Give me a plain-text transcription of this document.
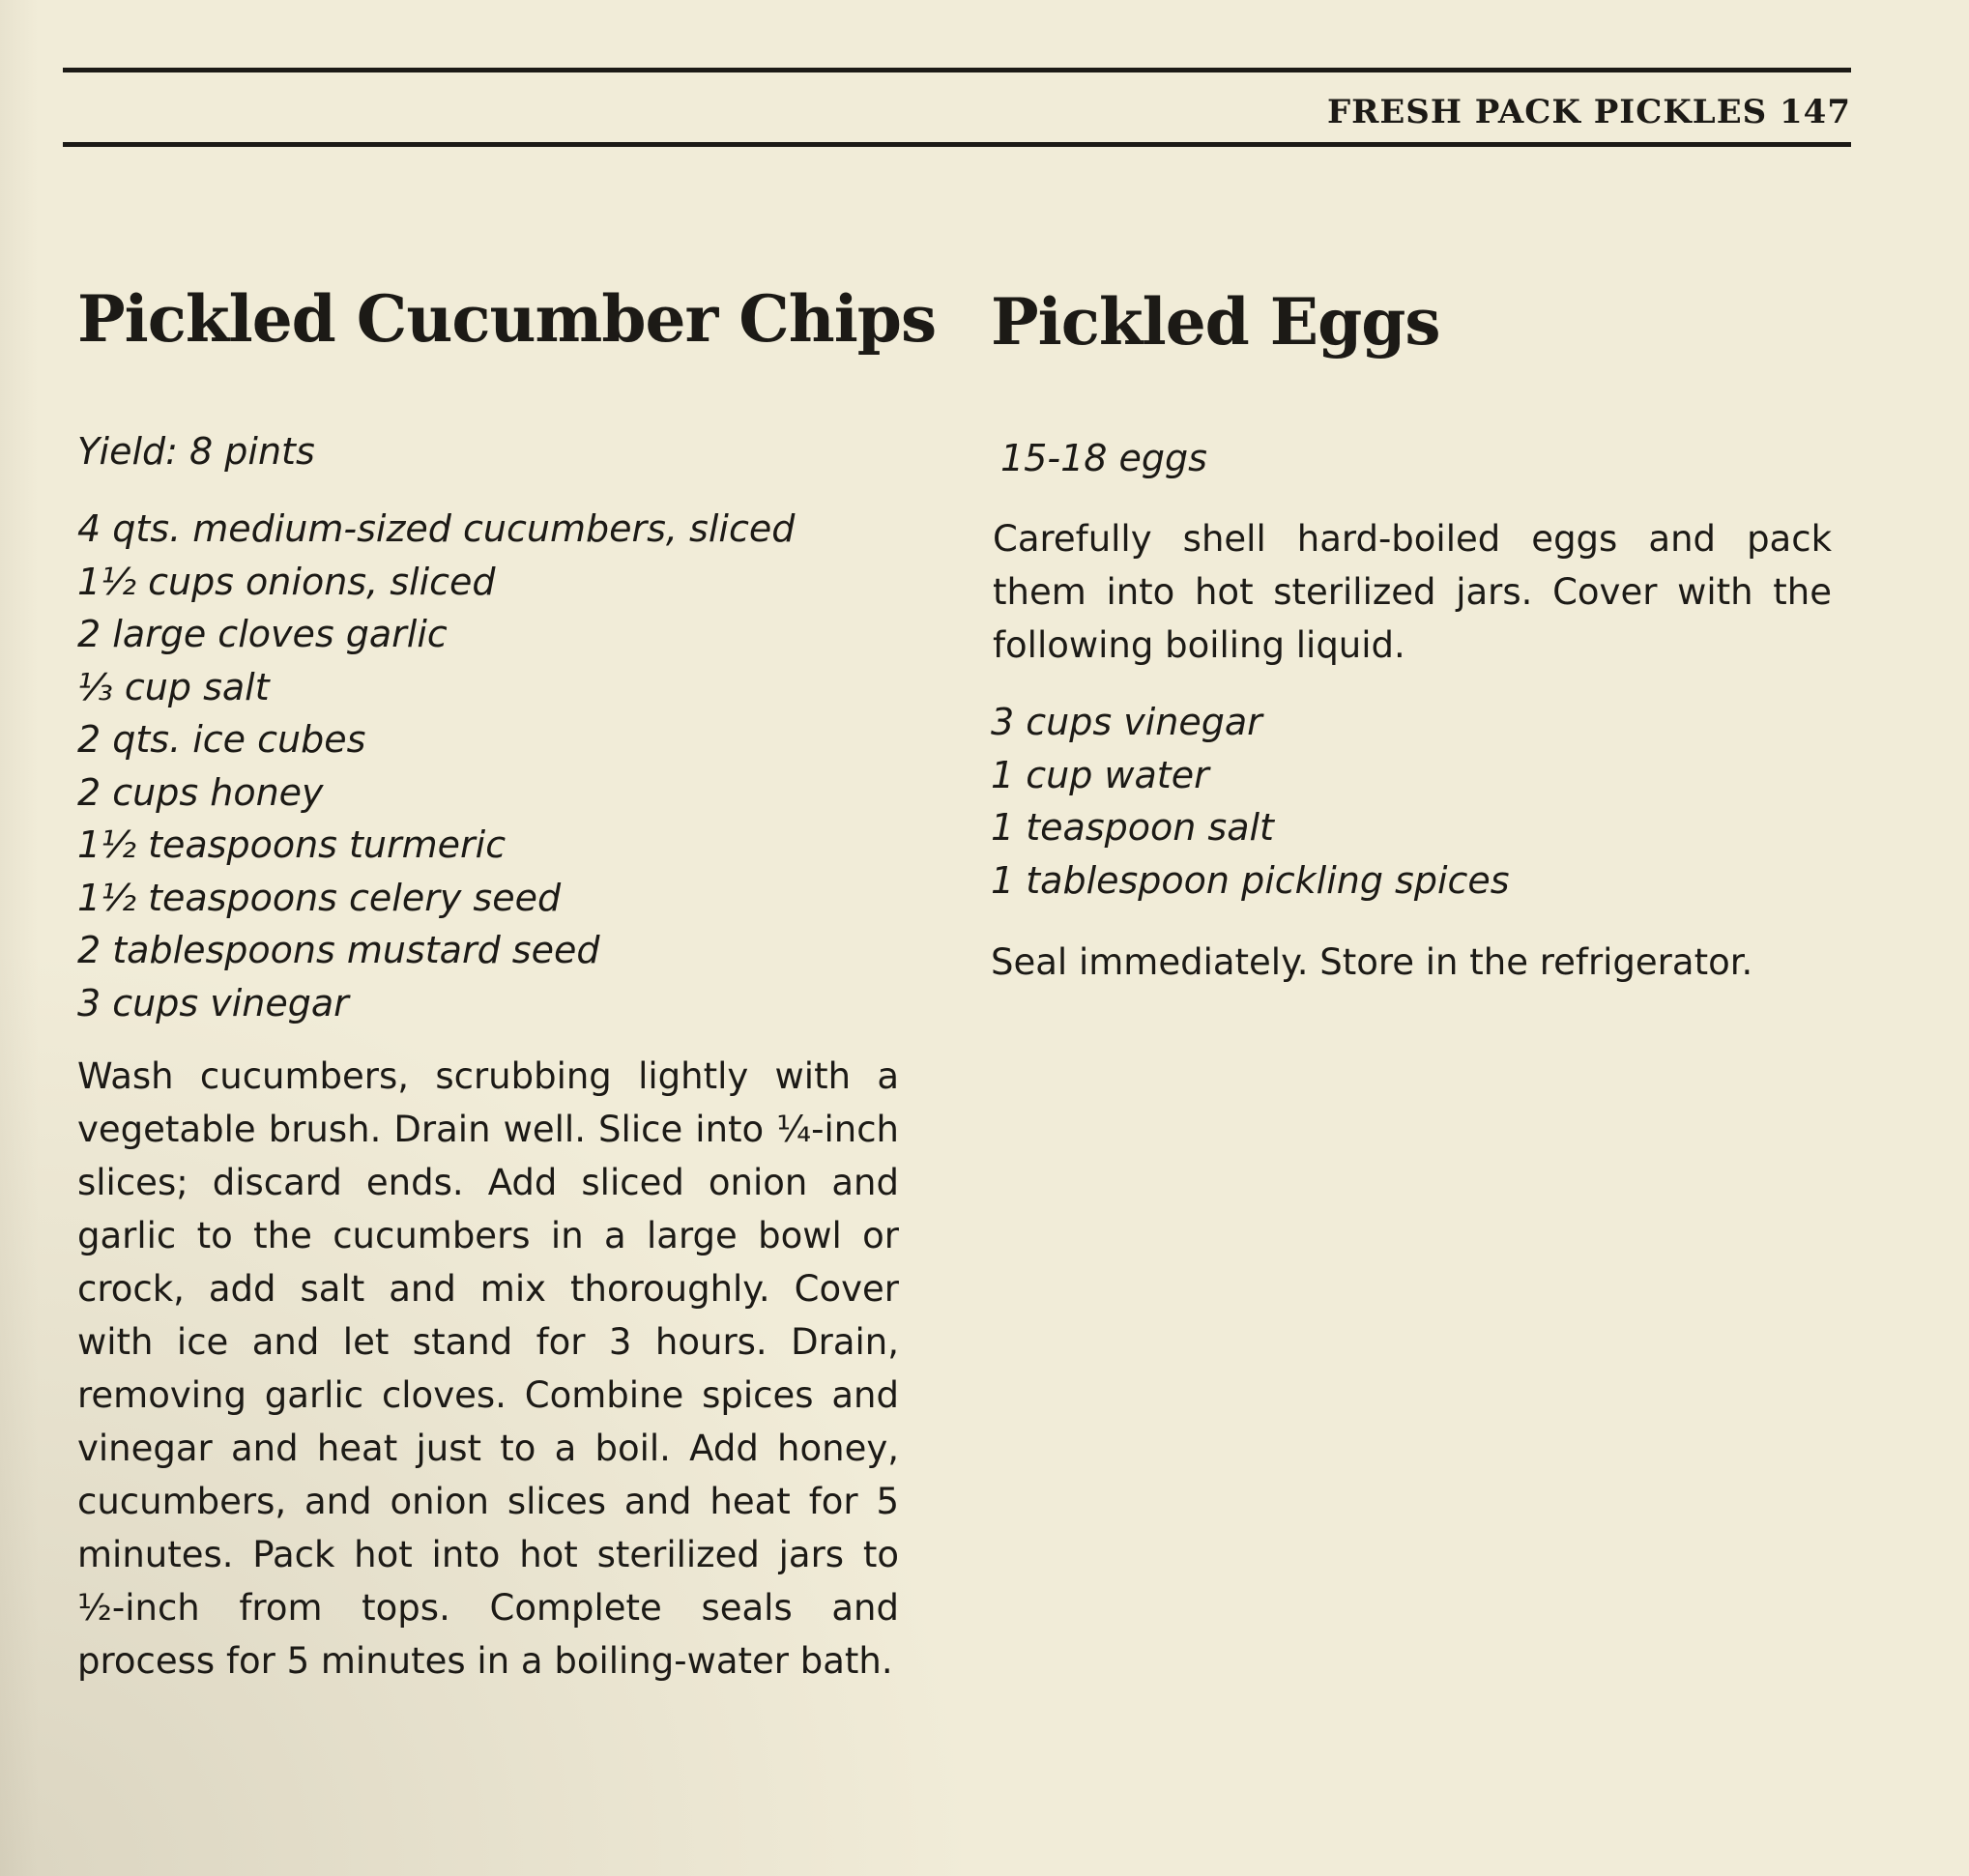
FRESH PACK PICKLES 147
Pickled Cucumber Chips
Yield: 8 pints
4 qts. medium-sized cucumbers, sliced
1½ cups onions, sliced
2 large cloves garlic
⅓ cup salt
2 qts. ice cubes
2 cups honey
1½ teaspoons turmeric
1½ teaspoons celery seed
2 tablespoons mustard seed
3 cups vinegar

Wash cucumbers, scrubbing lightly with a vegetable brush. Drain well. Slice into ¼-inch slices; discard ends. Add sliced onion and garlic to the cucumbers in a large bowl or crock, add salt and mix thoroughly. Cover with ice and let stand for 3 hours. Drain, removing garlic cloves. Combine spices and vinegar and heat just to a boil. Add honey, cucumbers, and onion slices and heat for 5 minutes. Pack hot into hot sterilized jars to ½-inch from tops. Complete seals and process for 5 minutes in a boiling-water bath.

Pickled Eggs
15-18 eggs

Carefully shell hard-boiled eggs and pack them into hot sterilized jars. Cover with the following boiling liquid.

3 cups vinegar
1 cup water
1 teaspoon salt
1 tablespoon pickling spices

Seal immediately. Store in the refrigerator.
